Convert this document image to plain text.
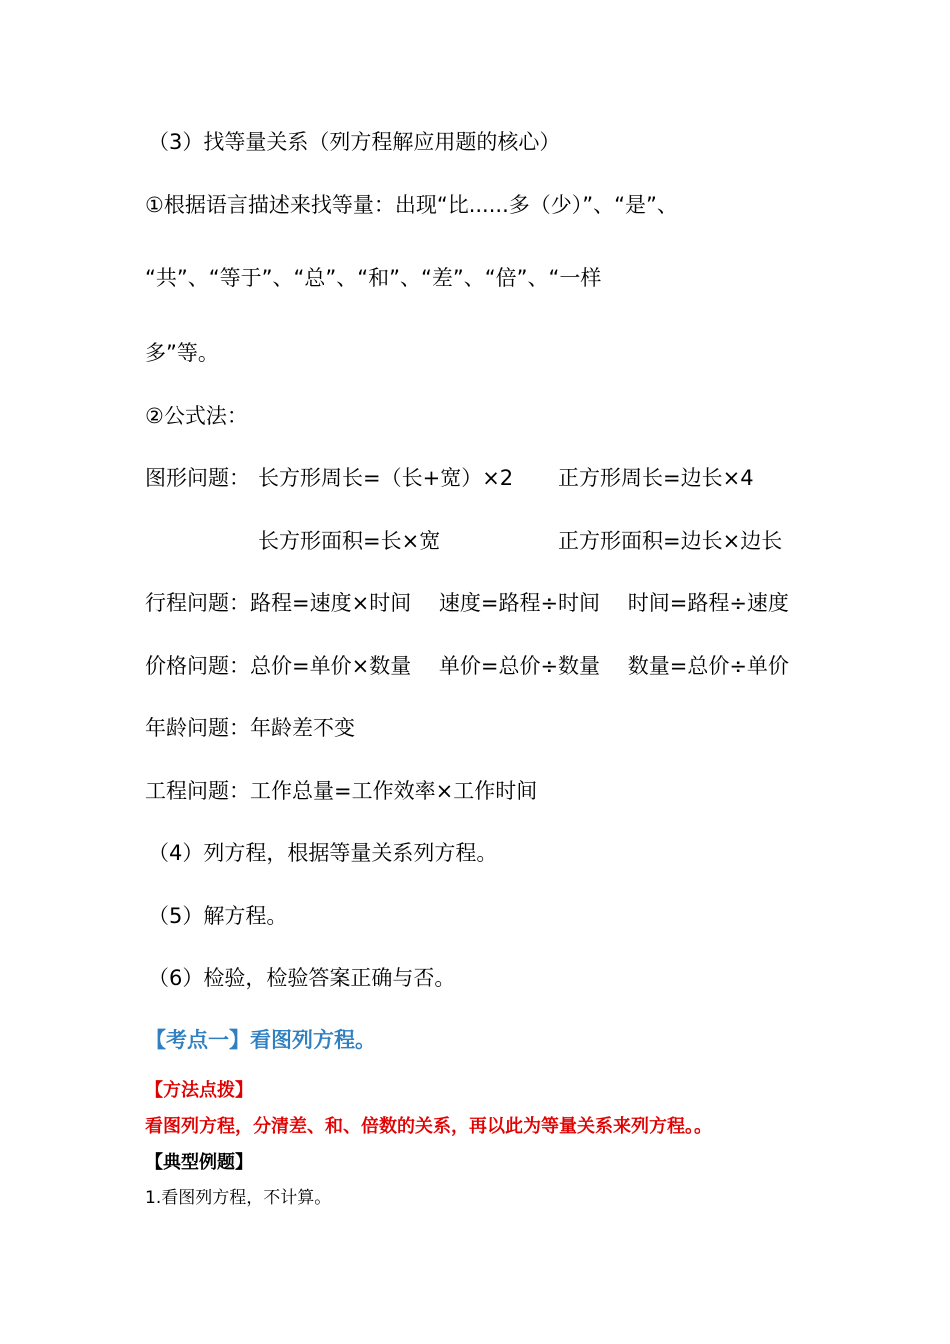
（3）找等量关系（列方程解应用题的核心）
①根据语言描述来找等量：出现“比......多（少）”、“是”、
“共”、“等于”、“总”、“和”、“差”、“倍”、“一样
多”等。
②公式法：
图形问题： 长方形周长=（长+宽）×2 正方形周长=边长×4
长方形面积=长×宽	正方形面积=边长×边长
行程问题：路程=速度×时间　 速度=路程÷时间　 时间=路程÷速度
价格问题：总价=单价×数量　 单价=总价÷数量　 数量=总价÷单价
年龄问题：年龄差不变
工程问题：工作总量=工作效率×工作时间
（4）列方程，根据等量关系列方程。
（5）解方程。
（6）检验，检验答案正确与否。
【考点一】看图列方程。
【方法点拨】
看图列方程，分清差、和、倍数的关系，再以此为等量关系来列方程。。
【典型例题】
1.看图列方程，不计算。
